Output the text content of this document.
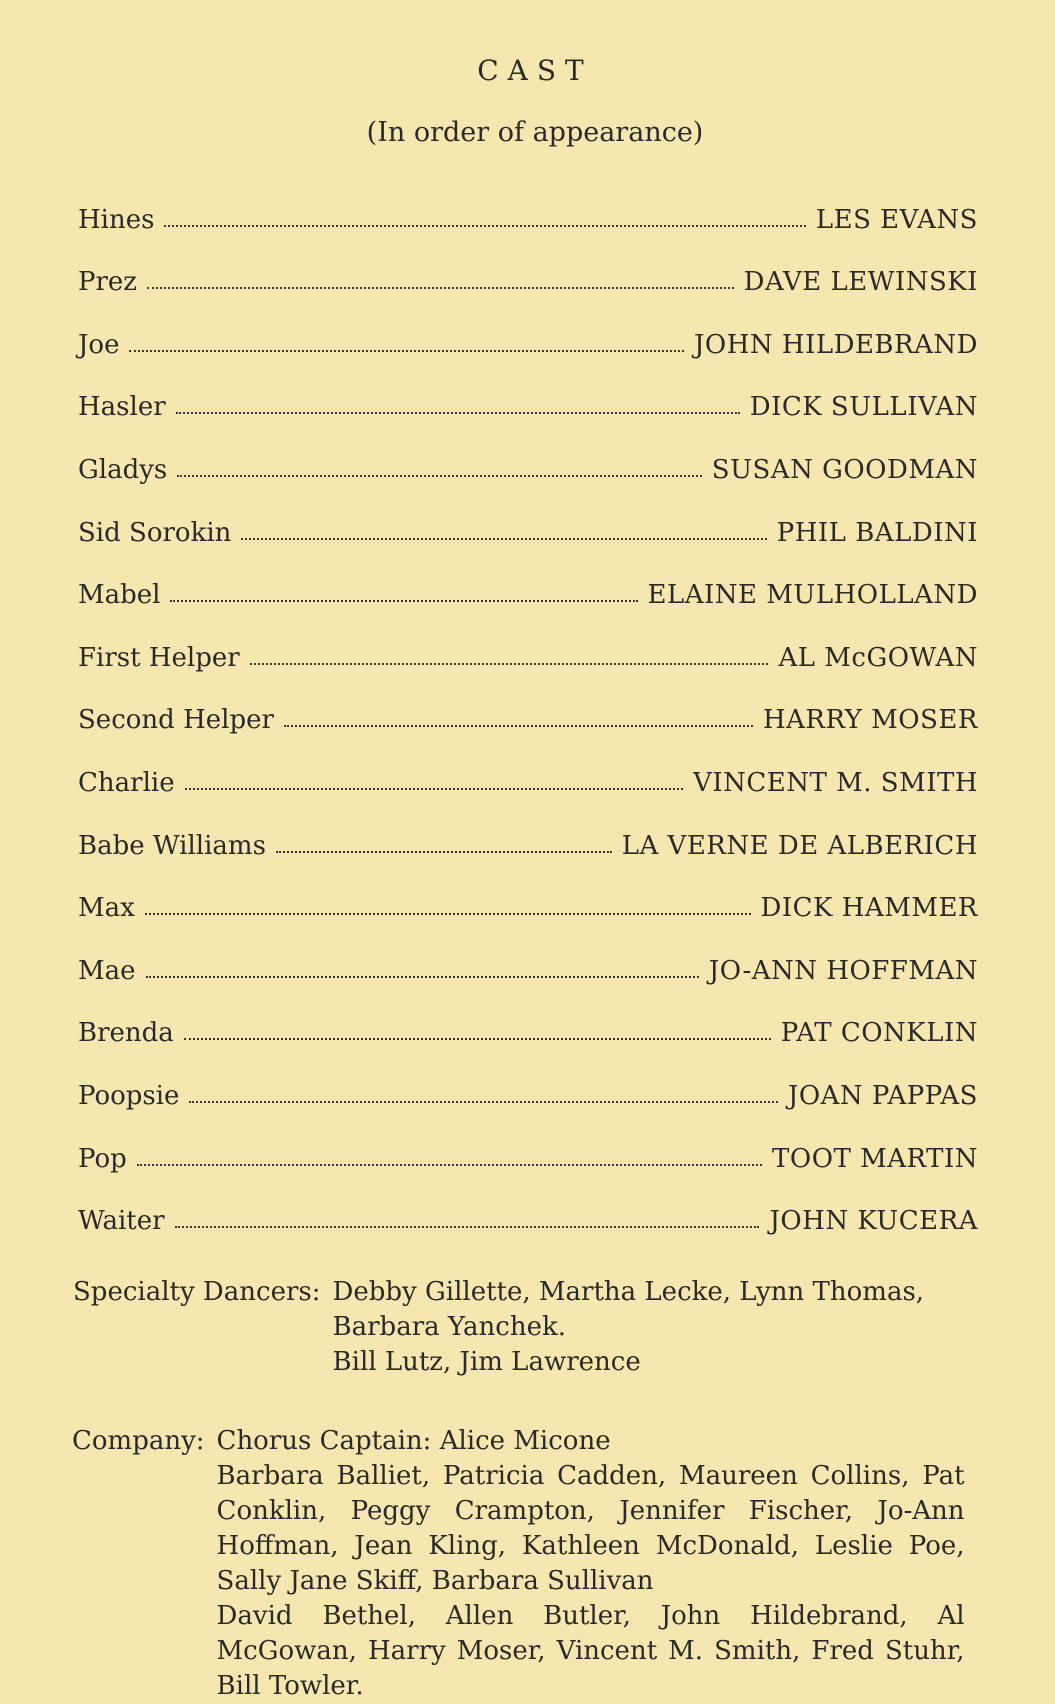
CAST

(In order of appearance)

Hines	LES EVANS
Prez	DAVE LEWINSKI
Joe	JOHN HILDEBRAND
Hasler	DICK SULLIVAN
Gladys	SUSAN GOODMAN
Sid Sorokin	PHIL BALDINI
Mabel	ELAINE MULHOLLAND
First Helper	AL McGOWAN
Second Helper	HARRY MOSER
Charlie	VINCENT M. SMITH
Babe Williams	LA VERNE DE ALBERICH
Max	DICK HAMMER
Mae	JO-ANN HOFFMAN
Brenda	PAT CONKLIN
Poopsie	JOAN PAPPAS
Pop	TOOT MARTIN
Waiter	JOHN KUCERA
Specialty Dancers: Debby Gillette, Martha Lecke, Lynn Thomas,
Barbara Yanchek.
Bill Lutz, Jim Lawrence
Company: Chorus Captain: Alice Micone
Barbara Balliet, Patricia Cadden, Maureen Collins, Pat Conklin, Peggy Crampton, Jennifer Fischer, Jo-Ann Hoffman, Jean Kling, Kathleen McDonald, Leslie Poe, Sally Jane Skiff, Barbara Sullivan
David Bethel, Allen Butler, John Hildebrand, Al McGowan, Harry Moser, Vincent M. Smith, Fred Stuhr, Bill Towler.
